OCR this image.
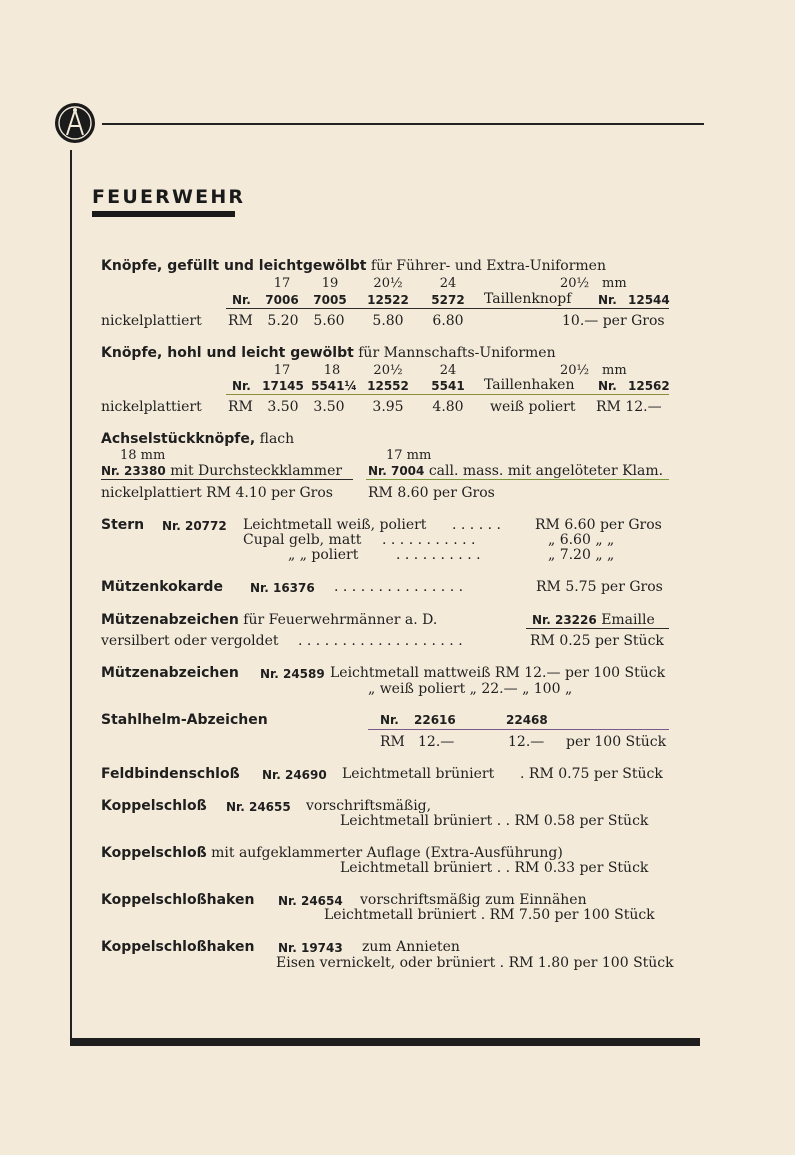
FEUERWEHR
Knöpfe, gefüllt und leichtgewölbt für Führer- und Extra-Uniformen
17	19	20½	24	20½ mm
Nr. 7006 7005	12522	5272 Taillenknopf Nr. 12544
nickelplattiert RM 5.20 5.60	5.80	6.80	10.— per Gros
Knöpfe, hohl und leicht gewölbt für Mannschafts-Uniformen
17	18	20½	24	20½ mm
Nr. 17145 5541¼ 12552 5541 Taillenhaken Nr. 12562
nickelplattiert RM 3.50 3.50	3.95	4.80	weiß poliert RM 12.—
Achselstückknöpfe, flach
18 mm	17 mm
Nr. 23380 mit Durchsteckklammer Nr. 7004 call. mass. mit angelöteter Klam.
nickelplattiert RM 4.10 per Gros	RM 8.60 per Gros
Stern Nr. 20772 Leichtmetall weiß, poliert . . . . . . RM 6.60 per Gros
Cupal gelb, matt . . . . . . . . . . .	„ 6.60 „ „
„ „ poliert	. . . . . . . . . .	„ 7.20 „ „
Mützenkokarde Nr. 16376 . . . . . . . . . . . . . . .	RM 5.75 per Gros
Mützenabzeichen für Feuerwehrmänner a. D.	Nr. 23226 Emaille
versilbert oder vergoldet . . . . . . . . . . . . . . . . . . .	RM 0.25 per Stück
Mützenabzeichen Nr. 24589 Leichtmetall mattweiß RM 12.— per 100 Stück
„ weiß poliert „ 22.— „ 100 „
Stahlhelm-Abzeichen	Nr. 22616	22468
RM 12.—	12.— per 100 Stück
Feldbindenschloß Nr. 24690 Leichtmetall brüniert . RM 0.75 per Stück
Koppelschloß Nr. 24655 vorschriftsmäßig,
Leichtmetall brüniert . . RM 0.58 per Stück
Koppelschloß mit aufgeklammerter Auflage (Extra-Ausführung)
Leichtmetall brüniert . . RM 0.33 per Stück
Koppelschloßhaken Nr. 24654 vorschriftsmäßig zum Einnähen
Leichtmetall brüniert . RM 7.50 per 100 Stück
Koppelschloßhaken Nr. 19743 zum Annieten
Eisen vernickelt, oder brüniert . RM 1.80 per 100 Stück
